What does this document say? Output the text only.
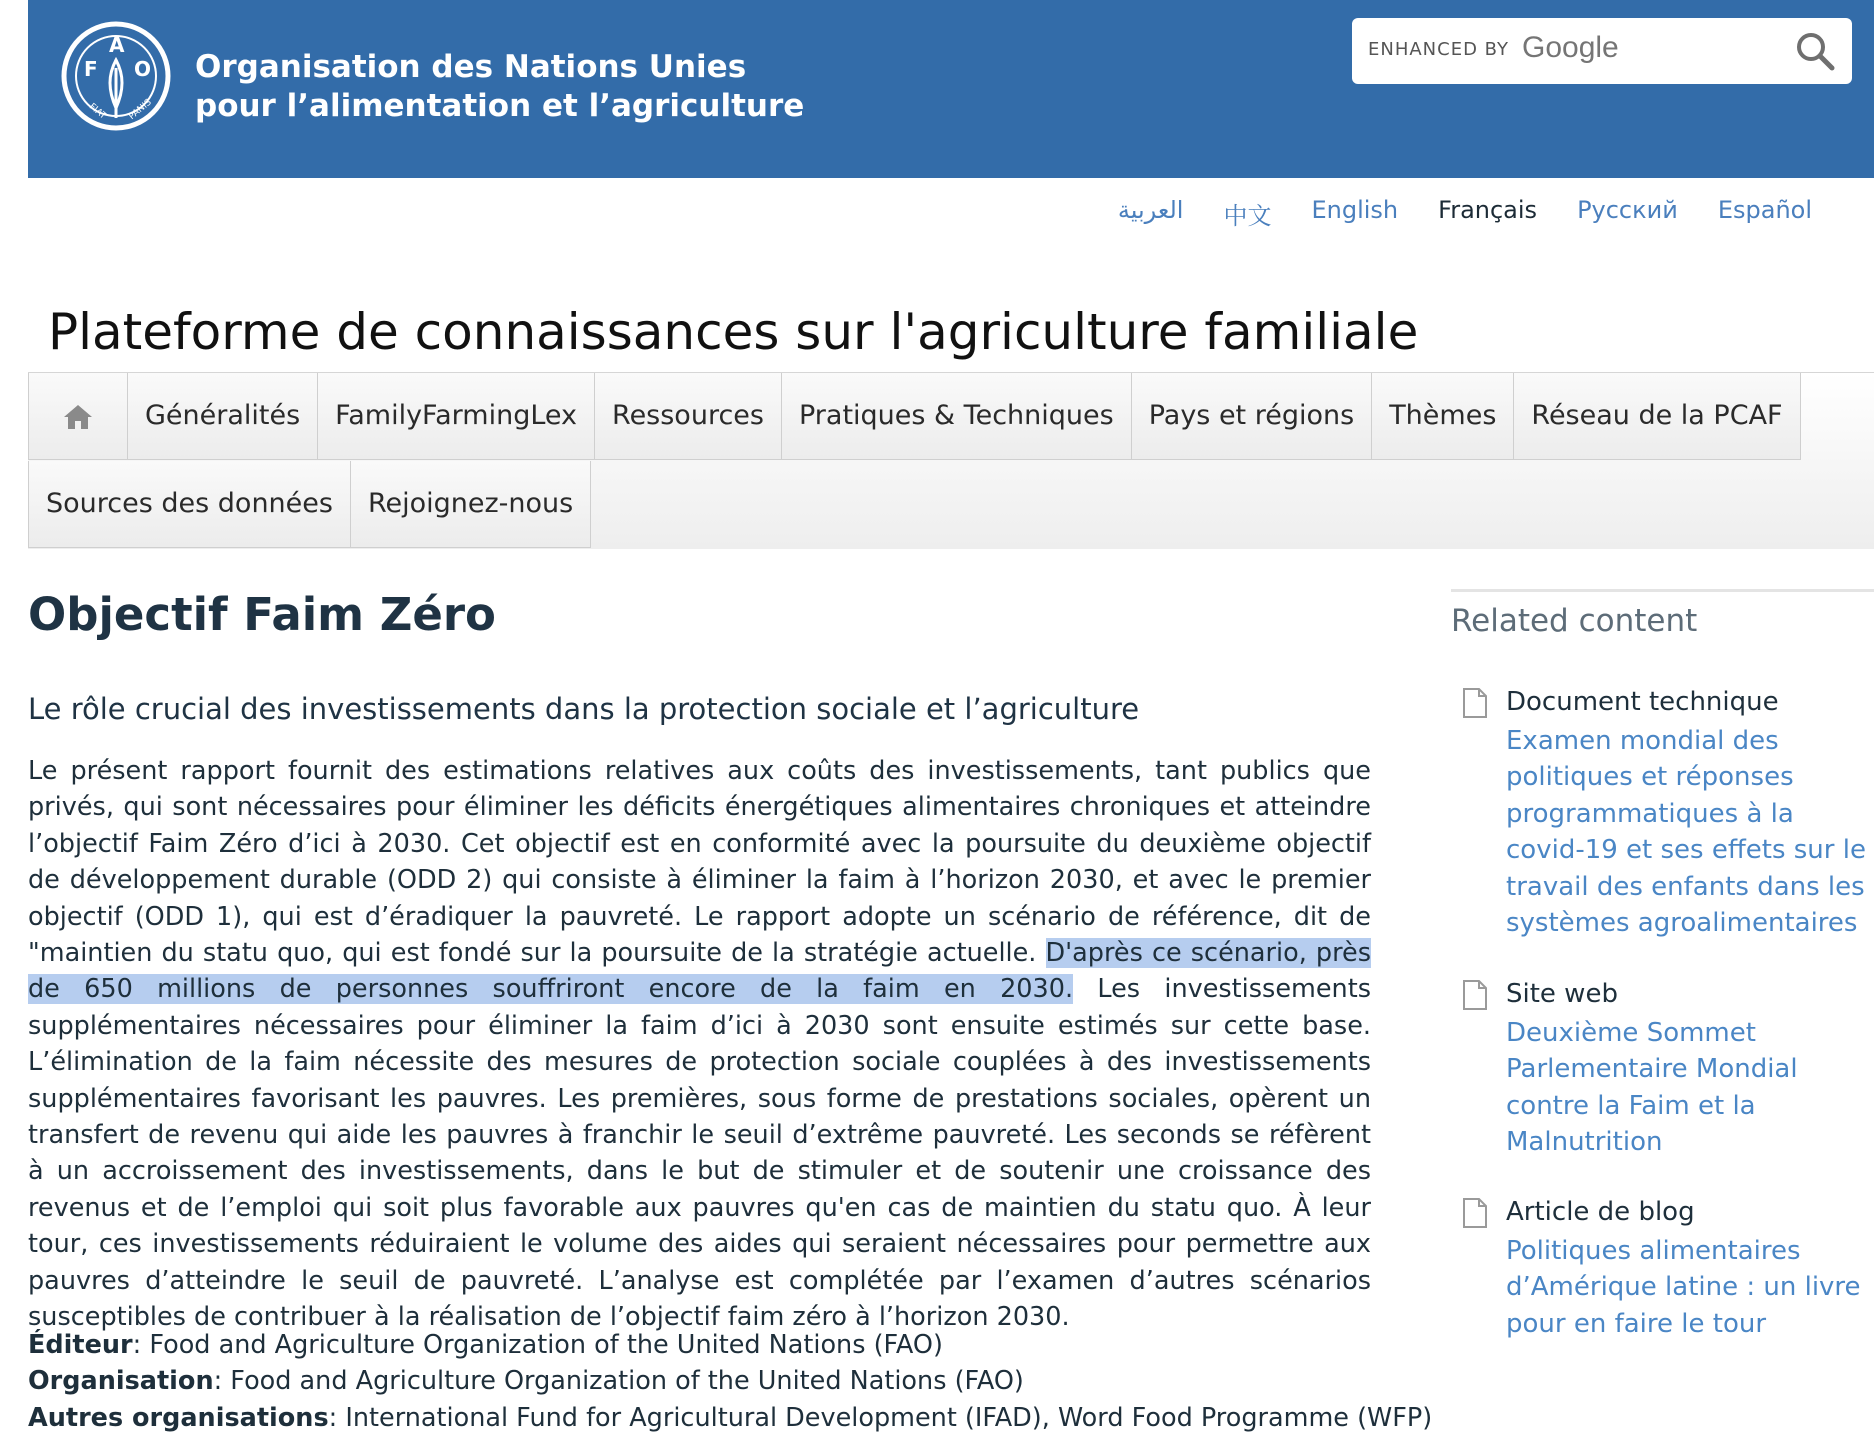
F
A
O
FIAT PANIS
Organisation des Nations Unies
pour l’alimentation et l’agriculture
ENHANCED BY Google
العربية 中文 English Français Русский Español
Plateforme de connaissances sur l'agriculture familiale
Généralités	FamilyFarmingLex	Ressources	Pratiques & Techniques	Pays et régions	Thèmes	Réseau de la PCAF
Sources des données	Rejoignez-nous
Objectif Faim Zéro
Le rôle crucial des investissements dans la protection sociale et l’agriculture
Le présent rapport fournit des estimations relatives aux coûts des investissements, tant publics que privés, qui sont nécessaires pour éliminer les déficits énergétiques alimentaires chroniques et atteindre l’objectif Faim Zéro d’ici à 2030. Cet objectif est en conformité avec la poursuite du deuxième objectif de développement durable (ODD 2) qui consiste à éliminer la faim à l’horizon 2030, et avec le premier objectif (ODD 1), qui est d’éradiquer la pauvreté. Le rapport adopte un scénario de référence, dit de "maintien du statu quo, qui est fondé sur la poursuite de la stratégie actuelle. D'après ce scénario, près de 650 millions de personnes souffriront encore de la faim en 2030. Les investissements supplémentaires nécessaires pour éliminer la faim d’ici à 2030 sont ensuite estimés sur cette base. L’élimination de la faim nécessite des mesures de protection sociale couplées à des investissements supplémentaires favorisant les pauvres. Les premières, sous forme de prestations sociales, opèrent un transfert de revenu qui aide les pauvres à franchir le seuil d’extrême pauvreté. Les seconds se réfèrent à un accroissement des investissements, dans le but de stimuler et de soutenir une croissance des revenus et de l’emploi qui soit plus favorable aux pauvres qu'en cas de maintien du statu quo. À leur tour, ces investissements réduiraient le volume des aides qui seraient nécessaires pour permettre aux pauvres d’atteindre le seuil de pauvreté. L’analyse est complétée par l’examen d’autres scénarios susceptibles de contribuer à la réalisation de l’objectif faim zéro à l’horizon 2030.
Éditeur: Food and Agriculture Organization of the United Nations (FAO)
Organisation: Food and Agriculture Organization of the United Nations (FAO)
Autres organisations: International Fund for Agricultural Development (IFAD), Word Food Programme (WFP)
Related content
Document technique
Examen mondial des politiques et réponses programmatiques à la covid-19 et ses effets sur le travail des enfants dans les systèmes agroalimentaires
Site web
Deuxième Sommet Parlementaire Mondial contre la Faim et la Malnutrition
Article de blog
Politiques alimentaires d’Amérique latine : un livre pour en faire le tour
